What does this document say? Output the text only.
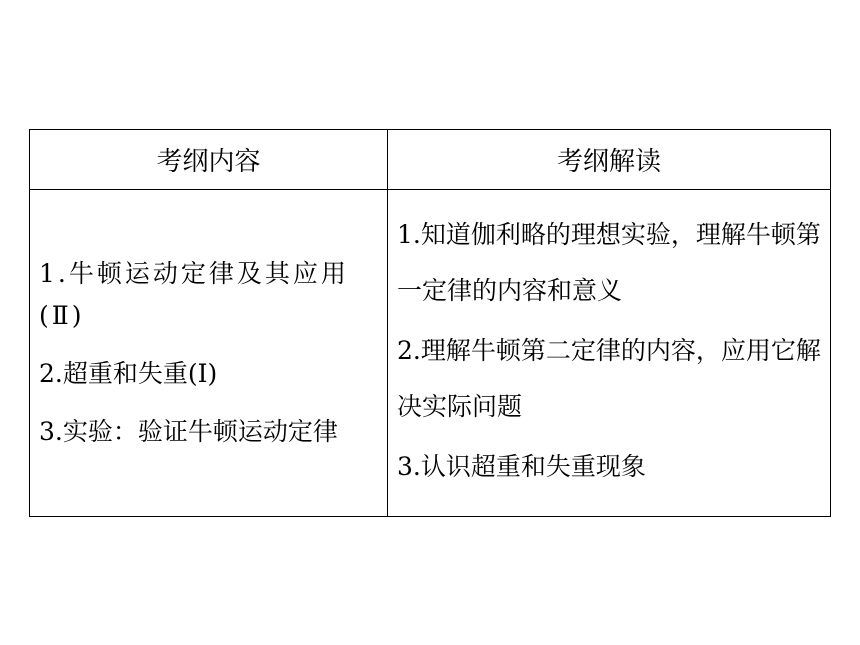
考纲内容	考纲解读
1.牛顿运动定律及其应用(Ⅱ)
2.超重和失重(Ⅰ)
3.实验：验证牛顿运动定律
1.知道伽利略的理想实验，理解牛顿第一定律的内容和意义
2.理解牛顿第二定律的内容，应用它解决实际问题
3.认识超重和失重现象
